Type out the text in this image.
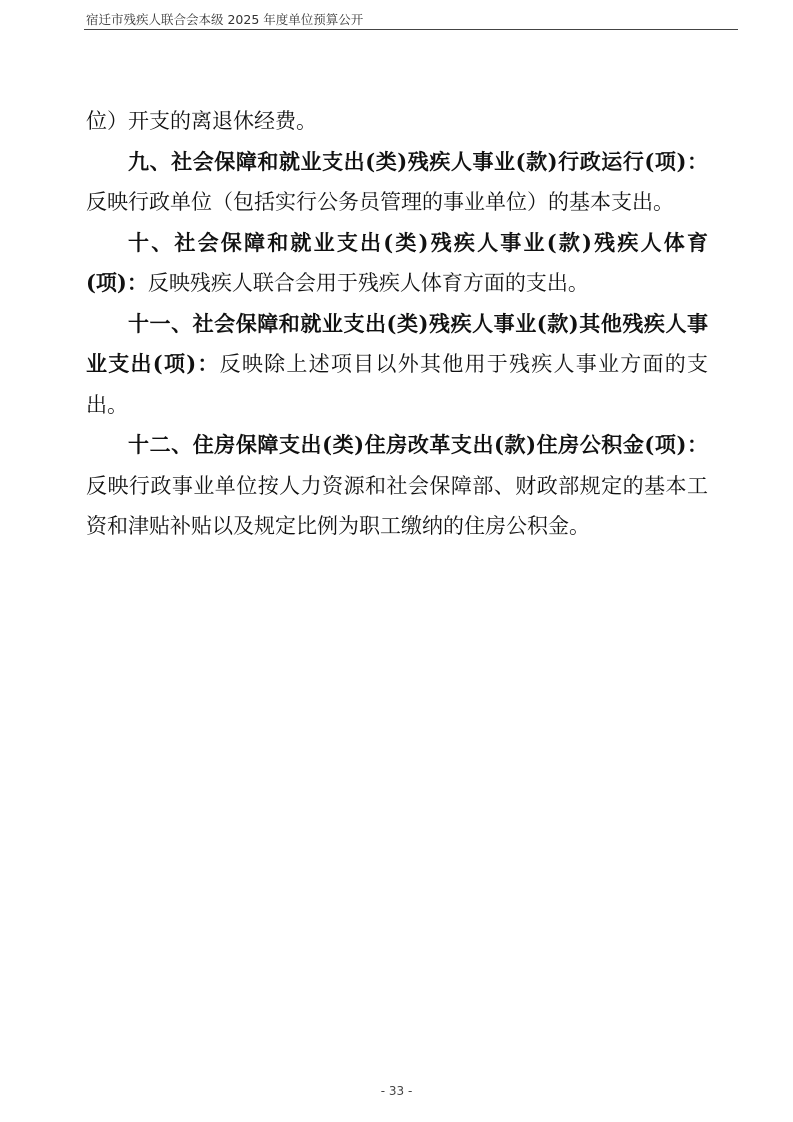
宿迁市残疾人联合会本级 2025 年度单位预算公开

位）开支的离退休经费。

九、社会保障和就业支出(类)残疾人事业(款)行政运行(项)：反映行政单位（包括实行公务员管理的事业单位）的基本支出。

十、社会保障和就业支出(类)残疾人事业(款)残疾人体育(项)：反映残疾人联合会用于残疾人体育方面的支出。

十一、社会保障和就业支出(类)残疾人事业(款)其他残疾人事业支出(项)：反映除上述项目以外其他用于残疾人事业方面的支出。

十二、住房保障支出(类)住房改革支出(款)住房公积金(项)：反映行政事业单位按人力资源和社会保障部、财政部规定的基本工资和津贴补贴以及规定比例为职工缴纳的住房公积金。

- 33 -
